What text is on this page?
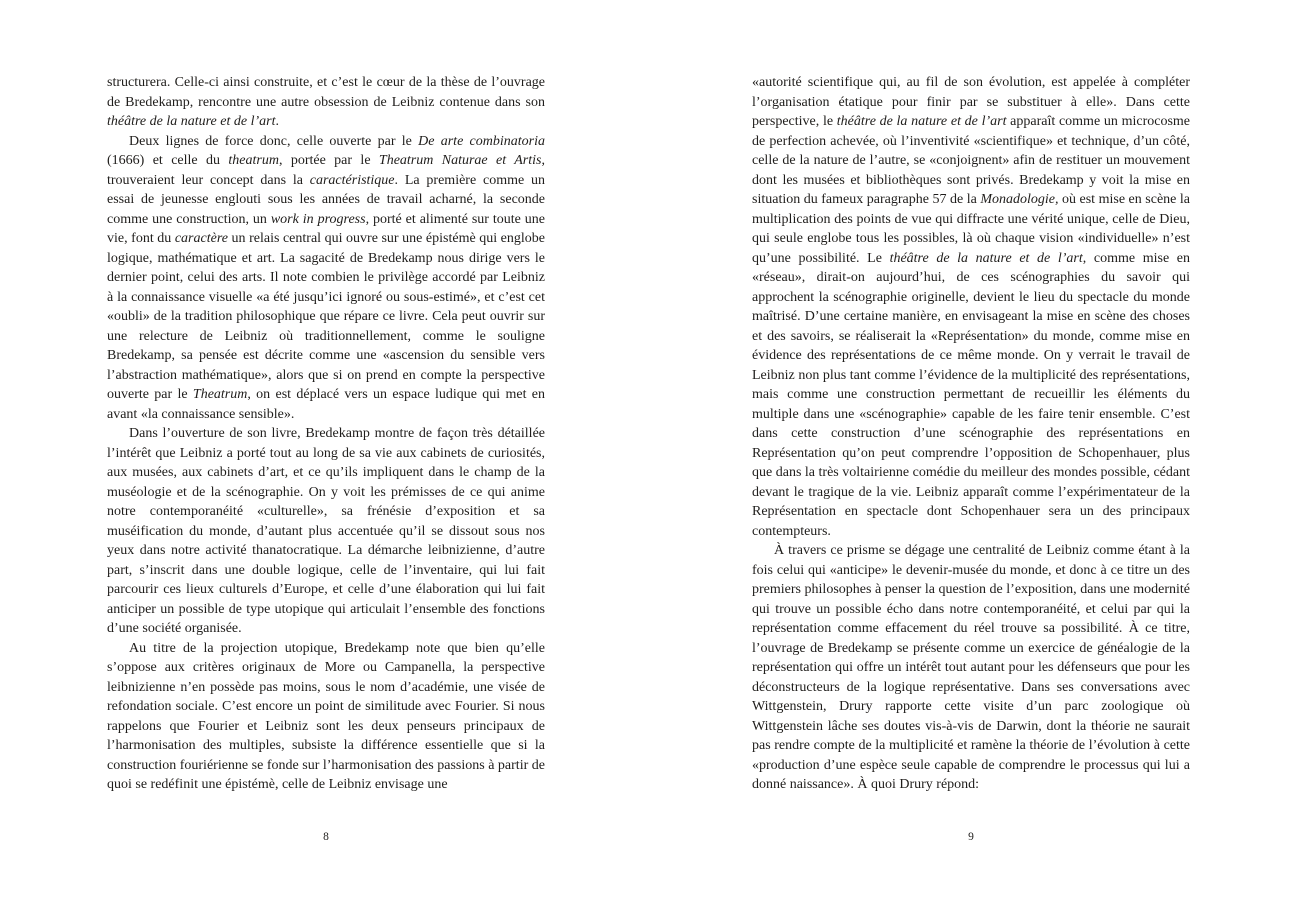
structurera. Celle-ci ainsi construite, et c’est le cœur de la thèse de l’ouvrage de Bredekamp, rencontre une autre obsession de Leibniz contenue dans son théâtre de la nature et de l’art.

Deux lignes de force donc, celle ouverte par le De arte combinatoria (1666) et celle du theatrum, portée par le Theatrum Naturae et Artis, trouveraient leur concept dans la caractéristique. La première comme un essai de jeunesse englouti sous les années de travail acharné, la seconde comme une construction, un work in progress, porté et alimenté sur toute une vie, font du caractère un relais central qui ouvre sur une épistémè qui englobe logique, mathématique et art. La sagacité de Bredekamp nous dirige vers le dernier point, celui des arts. Il note combien le privilège accordé par Leibniz à la connaissance visuelle «a été jusqu’ici ignoré ou sous-estimé», et c’est cet «oubli» de la tradition philosophique que répare ce livre. Cela peut ouvrir sur une relecture de Leibniz où traditionnellement, comme le souligne Bredekamp, sa pensée est décrite comme une «ascension du sensible vers l’abstraction mathématique», alors que si on prend en compte la perspective ouverte par le Theatrum, on est déplacé vers un espace ludique qui met en avant «la connaissance sensible».

Dans l’ouverture de son livre, Bredekamp montre de façon très détaillée l’intérêt que Leibniz a porté tout au long de sa vie aux cabinets de curiosités, aux musées, aux cabinets d’art, et ce qu’ils impliquent dans le champ de la muséologie et de la scénographie. On y voit les prémisses de ce qui anime notre contemporanéité «culturelle», sa frénésie d’exposition et sa muséification du monde, d’autant plus accentuée qu’il se dissout sous nos yeux dans notre activité thanatocratique. La démarche leibnizienne, d’autre part, s’inscrit dans une double logique, celle de l’inventaire, qui lui fait parcourir ces lieux culturels d’Europe, et celle d’une élaboration qui lui fait anticiper un possible de type utopique qui articulait l’ensemble des fonctions d’une société organisée.

Au titre de la projection utopique, Bredekamp note que bien qu’elle s’oppose aux critères originaux de More ou Campanella, la perspective leibnizienne n’en possède pas moins, sous le nom d’académie, une visée de refondation sociale. C’est encore un point de similitude avec Fourier. Si nous rappelons que Fourier et Leibniz sont les deux penseurs principaux de l’harmonisation des multiples, subsiste la différence essentielle que si la construction fouriérienne se fonde sur l’harmonisation des passions à partir de quoi se redéfinit une épistémè, celle de Leibniz envisage une

8

«autorité scientifique qui, au fil de son évolution, est appelée à compléter l’organisation étatique pour finir par se substituer à elle». Dans cette perspective, le théâtre de la nature et de l’art apparaît comme un microcosme de perfection achevée, où l’inventivité «scientifique» et technique, d’un côté, celle de la nature de l’autre, se «conjoignent» afin de restituer un mouvement dont les musées et bibliothèques sont privés. Bredekamp y voit la mise en situation du fameux paragraphe 57 de la Monadologie, où est mise en scène la multiplication des points de vue qui diffracte une vérité unique, celle de Dieu, qui seule englobe tous les possibles, là où chaque vision «individuelle» n’est qu’une possibilité. Le théâtre de la nature et de l’art, comme mise en «réseau», dirait-on aujourd’hui, de ces scénographies du savoir qui approchent la scénographie originelle, devient le lieu du spectacle du monde maîtrisé. D’une certaine manière, en envisageant la mise en scène des choses et des savoirs, se réaliserait la «Représentation» du monde, comme mise en évidence des représentations de ce même monde. On y verrait le travail de Leibniz non plus tant comme l’évidence de la multiplicité des représentations, mais comme une construction permettant de recueillir les éléments du multiple dans une «scénographie» capable de les faire tenir ensemble. C’est dans cette construction d’une scénographie des représentations en Représentation qu’on peut comprendre l’opposition de Schopenhauer, plus que dans la très voltairienne comédie du meilleur des mondes possible, cédant devant le tragique de la vie. Leibniz apparaît comme l’expérimentateur de la Représentation en spectacle dont Schopenhauer sera un des principaux contempteurs.

À travers ce prisme se dégage une centralité de Leibniz comme étant à la fois celui qui «anticipe» le devenir-musée du monde, et donc à ce titre un des premiers philosophes à penser la question de l’exposition, dans une modernité qui trouve un possible écho dans notre contemporanéité, et celui par qui la représentation comme effacement du réel trouve sa possibilité. À ce titre, l’ouvrage de Bredekamp se présente comme un exercice de généalogie de la représentation qui offre un intérêt tout autant pour les défenseurs que pour les déconstructeurs de la logique représentative. Dans ses conversations avec Wittgenstein, Drury rapporte cette visite d’un parc zoologique où Wittgenstein lâche ses doutes vis-à-vis de Darwin, dont la théorie ne saurait pas rendre compte de la multiplicité et ramène la théorie de l’évolution à cette «production d’une espèce seule capable de comprendre le processus qui lui a donné naissance». À quoi Drury répond:

9
